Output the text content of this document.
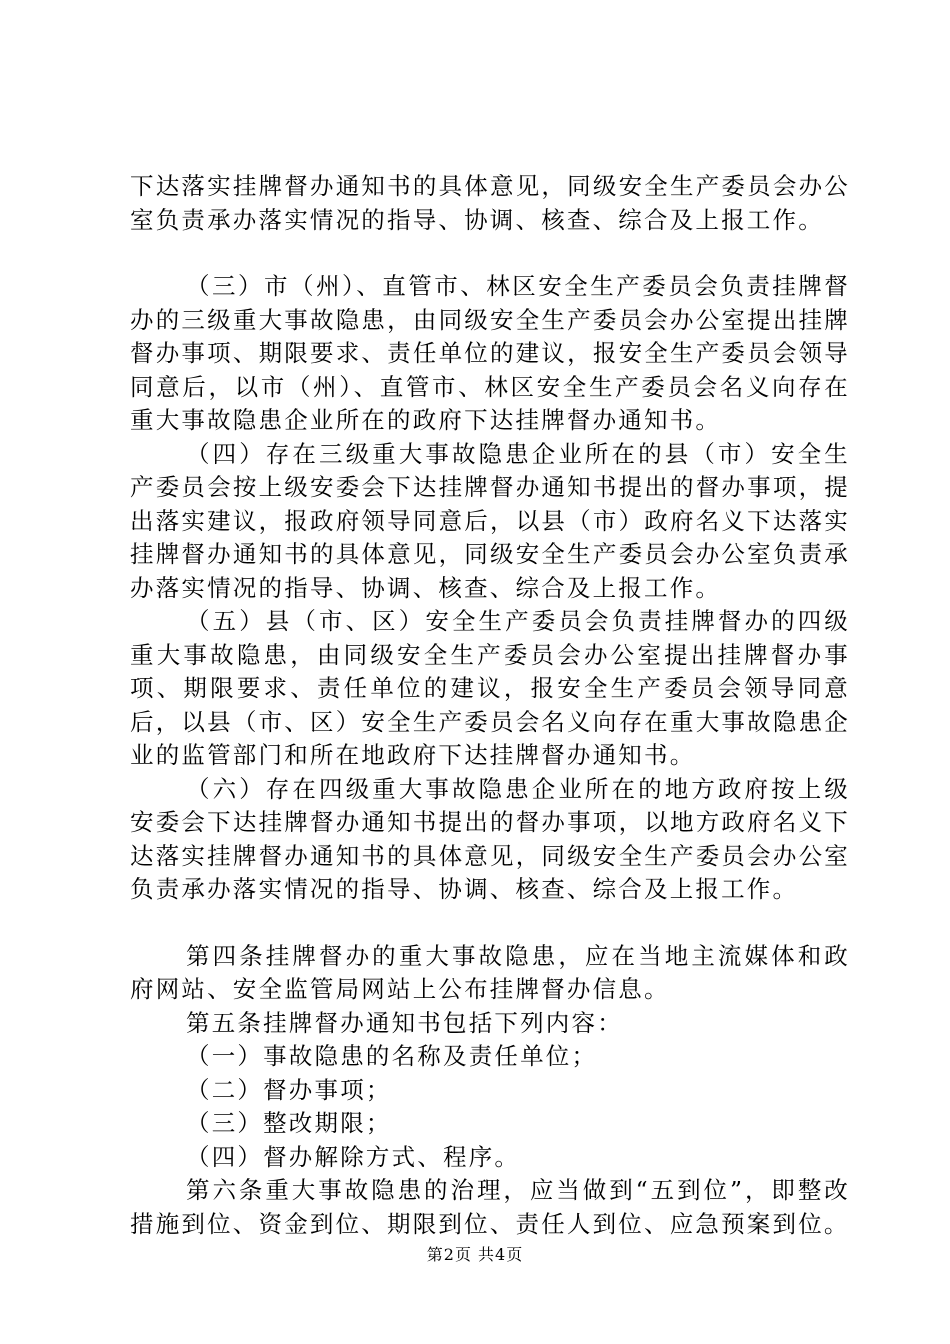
下达落实挂牌督办通知书的具体意见，同级安全生产委员会办公室负责承办落实情况的指导、协调、核查、综合及上报工作。

（三）市（州）、直管市、林区安全生产委员会负责挂牌督办的三级重大事故隐患，由同级安全生产委员会办公室提出挂牌督办事项、期限要求、责任单位的建议，报安全生产委员会领导同意后，以市（州）、直管市、林区安全生产委员会名义向存在重大事故隐患企业所在的政府下达挂牌督办通知书。

（四）存在三级重大事故隐患企业所在的县（市）安全生产委员会按上级安委会下达挂牌督办通知书提出的督办事项，提出落实建议，报政府领导同意后，以县（市）政府名义下达落实挂牌督办通知书的具体意见，同级安全生产委员会办公室负责承办落实情况的指导、协调、核查、综合及上报工作。

（五）县（市、区）安全生产委员会负责挂牌督办的四级重大事故隐患，由同级安全生产委员会办公室提出挂牌督办事项、期限要求、责任单位的建议，报安全生产委员会领导同意后，以县（市、区）安全生产委员会名义向存在重大事故隐患企业的监管部门和所在地政府下达挂牌督办通知书。

（六）存在四级重大事故隐患企业所在的地方政府按上级安委会下达挂牌督办通知书提出的督办事项，以地方政府名义下达落实挂牌督办通知书的具体意见，同级安全生产委员会办公室负责承办落实情况的指导、协调、核查、综合及上报工作。

第四条挂牌督办的重大事故隐患，应在当地主流媒体和政府网站、安全监管局网站上公布挂牌督办信息。

第五条挂牌督办通知书包括下列内容：

（一）事故隐患的名称及责任单位；

（二）督办事项；

（三）整改期限；

（四）督办解除方式、程序。

第六条重大事故隐患的治理，应当做到“五到位”，即整改措施到位、资金到位、期限到位、责任人到位、应急预案到位。

第2页 共4页
